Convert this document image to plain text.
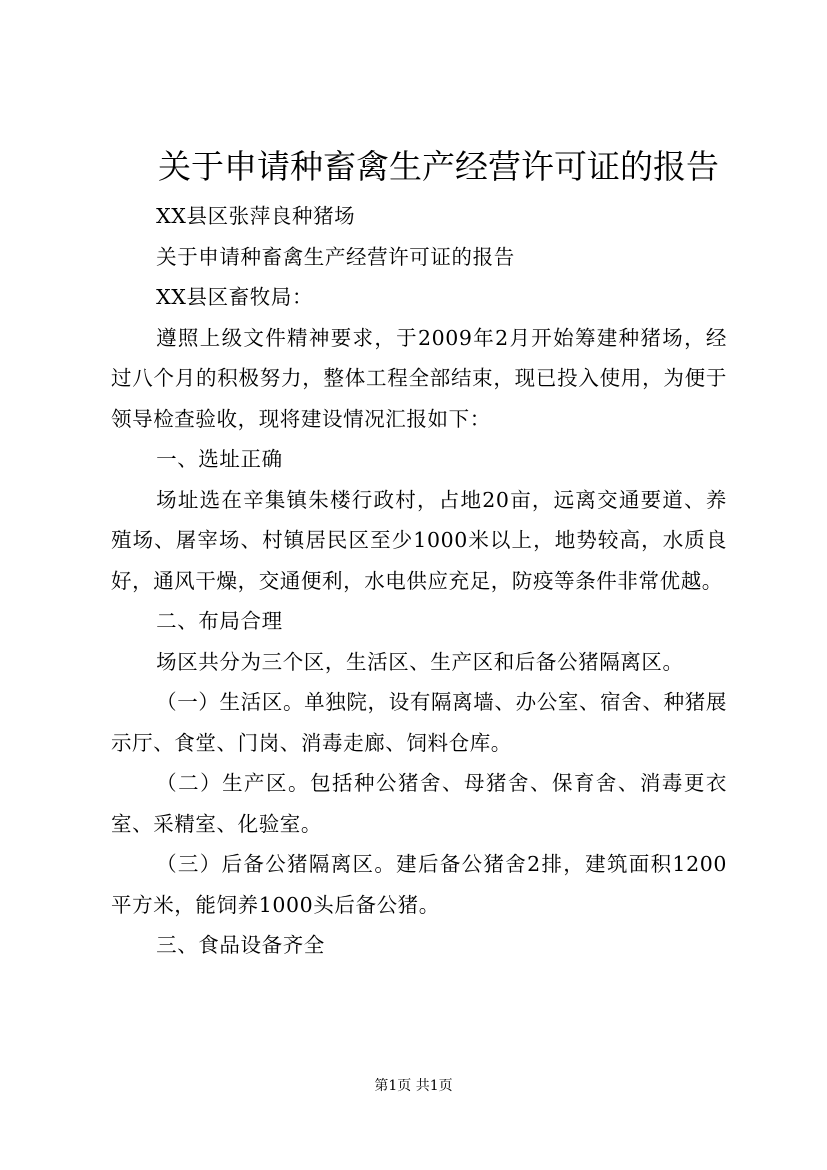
关于申请种畜禽生产经营许可证的报告

XX县区张萍良种猪场

关于申请种畜禽生产经营许可证的报告

XX县区畜牧局：

遵照上级文件精神要求，于2009年2月开始筹建种猪场，经过八个月的积极努力，整体工程全部结束，现已投入使用，为便于领导检查验收，现将建设情况汇报如下：

一、选址正确

场址选在辛集镇朱楼行政村，占地20亩，远离交通要道、养殖场、屠宰场、村镇居民区至少1000米以上，地势较高，水质良好，通风干燥，交通便利，水电供应充足，防疫等条件非常优越。

二、布局合理

场区共分为三个区，生活区、生产区和后备公猪隔离区。

（一）生活区。单独院，设有隔离墙、办公室、宿舍、种猪展示厅、食堂、门岗、消毒走廊、饲料仓库。

（二）生产区。包括种公猪舍、母猪舍、保育舍、消毒更衣室、采精室、化验室。

（三）后备公猪隔离区。建后备公猪舍2排，建筑面积1200平方米，能饲养1000头后备公猪。

三、食品设备齐全

第1页 共1页
